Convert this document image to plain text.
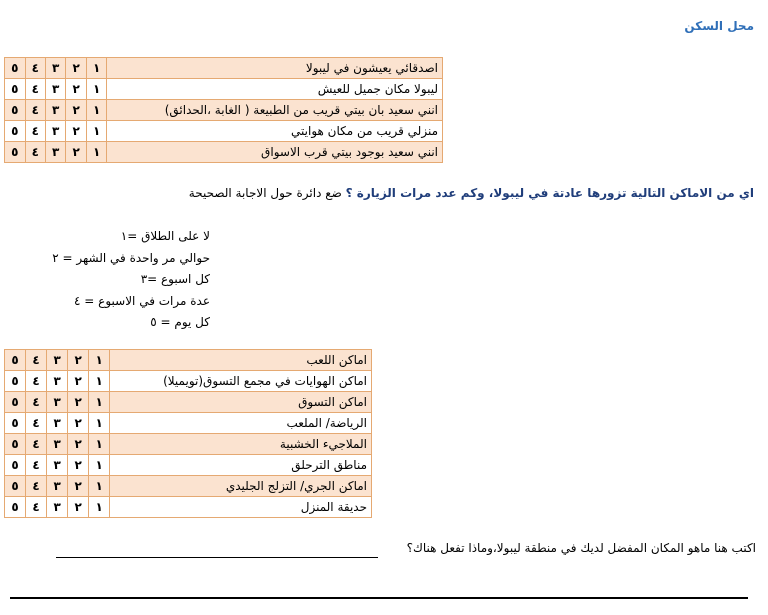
محل السكن
اصدقائي يعيشون في ليبولا	١	٢	٣	٤	٥
ليبولا مكان جميل للعيش	١	٢	٣	٤	٥
انني سعيد بان بيتي قريب من الطبيعة ( الغابة ،الحدائق)	١	٢	٣	٤	٥
منزلي قريب من مكان هوايتي	١	٢	٣	٤	٥
انني سعيد بوجود بيتي قرب الاسواق	١	٢	٣	٤	٥
اي من الاماكن التالية تزورها عادتة في ليبولا، وكم عدد مرات الزيارة ؟ ضع دائرة حول الاجابة الصحيحة
لا على الطلاق =١
حوالي مر واحدة في الشهر = ٢
كل اسبوع =٣
عدة مرات في الاسبوع = ٤
كل يوم = ٥
اماكن اللعب	١	٢	٣	٤	٥
اماكن الهوايات في مجمع التسوق(تويميلا)	١	٢	٣	٤	٥
اماكن التسوق	١	٢	٣	٤	٥
الرياضة/ الملعب	١	٢	٣	٤	٥
الملاجيء الخشبية	١	٢	٣	٤	٥
مناطق الترحلق	١	٢	٣	٤	٥
اماكن الجري/ التزلج الجليدي	١	٢	٣	٤	٥
حديقة المنزل	١	٢	٣	٤	٥
اكتب هنا ماهو المكان المفضل لديك في منطقة ليبولا،وماذا تفعل هناك؟
